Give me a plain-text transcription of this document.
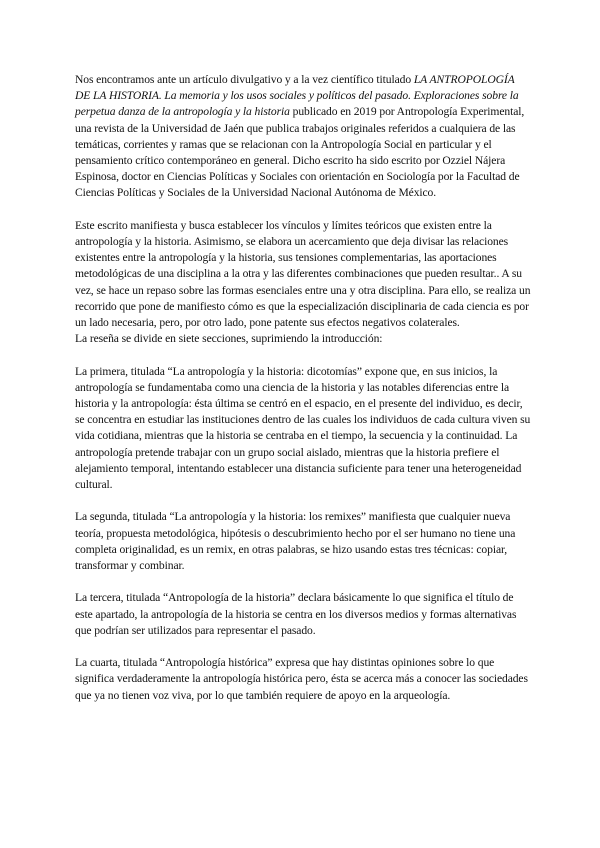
Nos encontramos ante un artículo divulgativo y a la vez científico titulado LA ANTROPOLOGÍA DE LA HISTORIA. La memoria y los usos sociales y políticos del pasado. Exploraciones sobre la perpetua danza de la antropología y la historia publicado en 2019 por Antropología Experimental, una revista de la Universidad de Jaén que publica trabajos originales referidos a cualquiera de las temáticas, corrientes y ramas que se relacionan con la Antropología Social en particular y el pensamiento crítico contemporáneo en general. Dicho escrito ha sido escrito por Ozziel Nájera Espinosa, doctor en Ciencias Políticas y Sociales con orientación en Sociología por la Facultad de Ciencias Políticas y Sociales de la Universidad Nacional Autónoma de México.

Este escrito manifiesta y busca establecer los vínculos y límites teóricos que existen entre la antropología y la historia. Asimismo, se elabora un acercamiento que deja divisar las relaciones existentes entre la antropología y la historia, sus tensiones complementarias, las aportaciones metodológicas de una disciplina a la otra y las diferentes combinaciones que pueden resultar.. A su vez, se hace un repaso sobre las formas esenciales entre una y otra disciplina. Para ello, se realiza un recorrido que pone de manifiesto cómo es que la especialización disciplinaria de cada ciencia es por un lado necesaria, pero, por otro lado, pone patente sus efectos negativos colaterales.

La reseña se divide en siete secciones, suprimiendo la introducción:

La primera, titulada “La antropología y la historia: dicotomías” expone que, en sus inicios, la antropología se fundamentaba como una ciencia de la historia y las notables diferencias entre la historia y la antropología: ésta última se centró en el espacio, en el presente del individuo, es decir, se concentra en estudiar las instituciones dentro de las cuales los individuos de cada cultura viven su vida cotidiana, mientras que la historia se centraba en el tiempo, la secuencia y la continuidad. La antropología pretende trabajar con un grupo social aislado, mientras que la historia prefiere el alejamiento temporal, intentando establecer una distancia suficiente para tener una heterogeneidad cultural.

La segunda, titulada “La antropología y la historia: los remixes” manifiesta que cualquier nueva teoría, propuesta metodológica, hipótesis o descubrimiento hecho por el ser humano no tiene una completa originalidad, es un remix, en otras palabras, se hizo usando estas tres técnicas: copiar, transformar y combinar.

La tercera, titulada “Antropología de la historia” declara básicamente lo que significa el título de este apartado, la antropología de la historia se centra en los diversos medios y formas alternativas que podrían ser utilizados para representar el pasado.

La cuarta, titulada “Antropología histórica” expresa que hay distintas opiniones sobre lo que significa verdaderamente la antropología histórica pero, ésta se acerca más a conocer las sociedades que ya no tienen voz viva, por lo que también requiere de apoyo en la arqueología.
